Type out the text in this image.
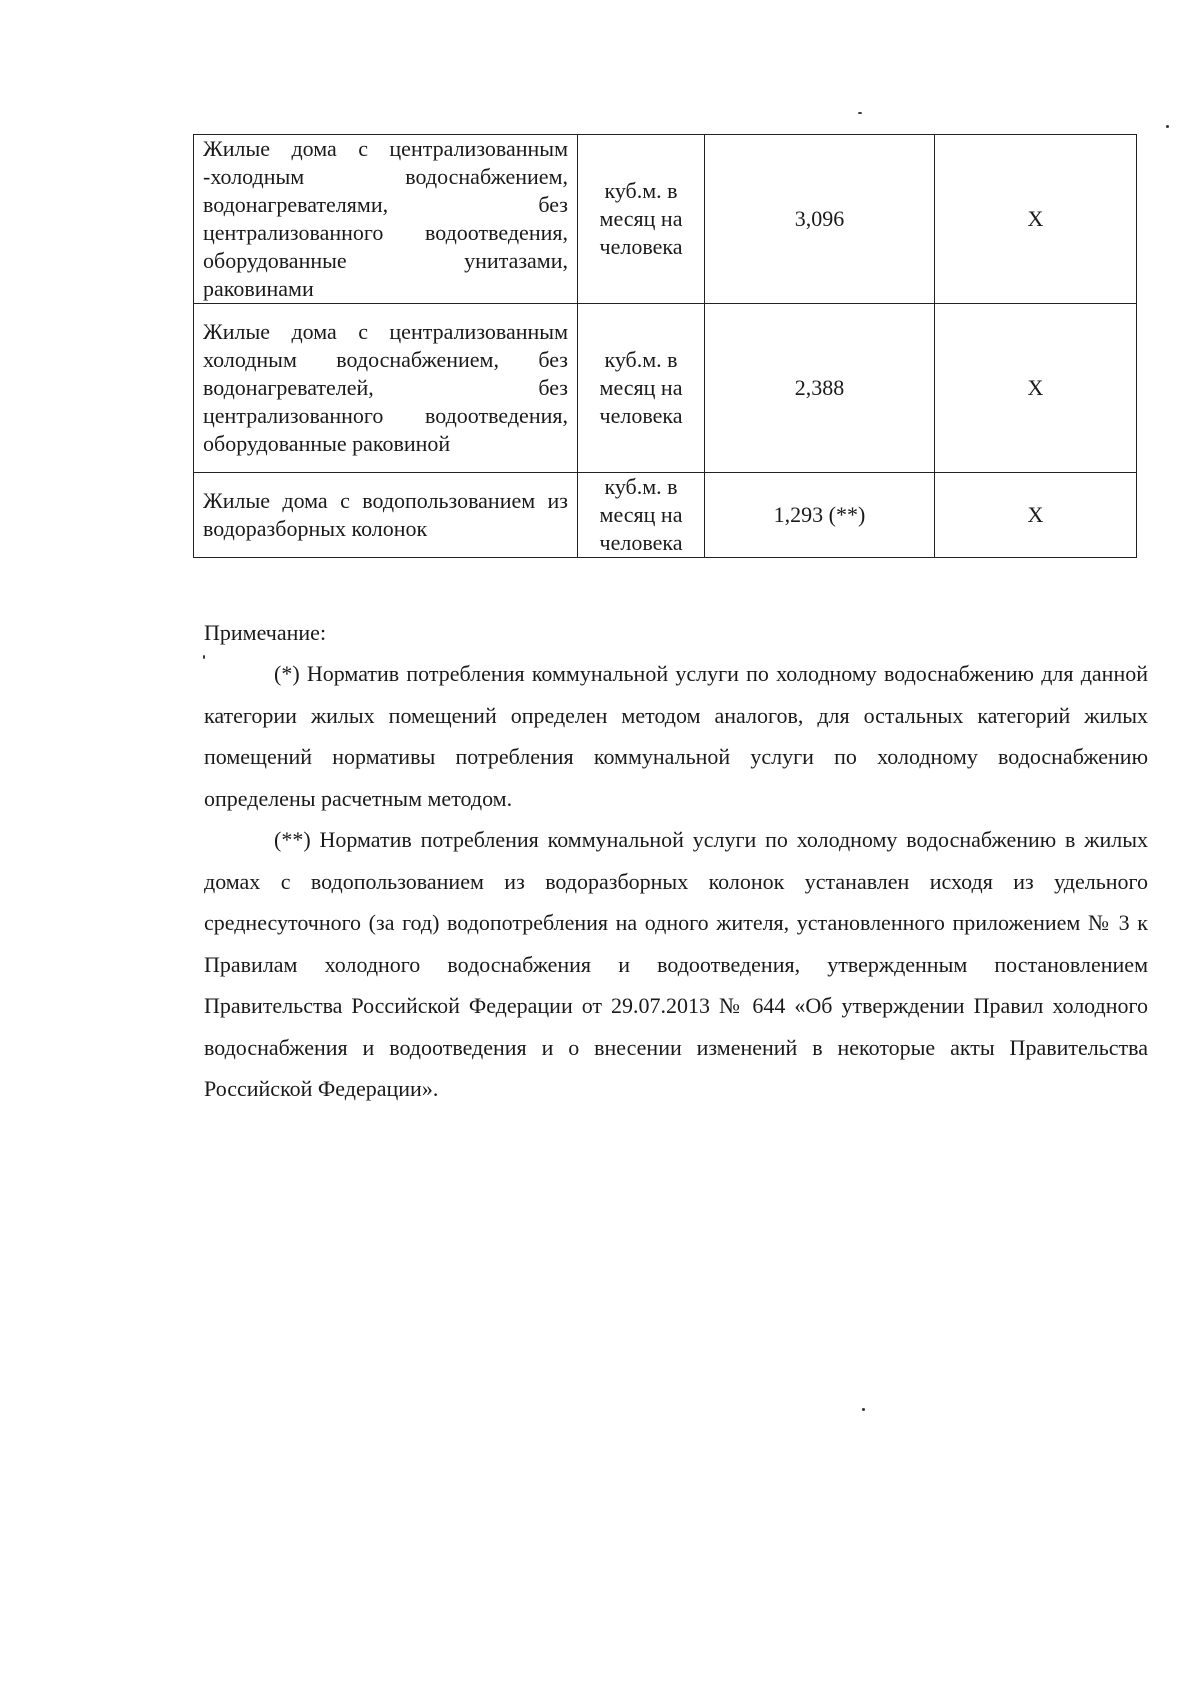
Жилые дома с централизованным -холодным водоснабжением, водонагревателями, без централизованного водоотведения, оборудованные унитазами, раковинами	куб.м. в месяц на человека	3,096	X
Жилые дома с централизованным холодным водоснабжением, без водонагревателей, без централизованного водоотведения, оборудованные раковиной	куб.м. в месяц на человека	2,388	X
Жилые дома с водопользованием из водоразборных колонок	куб.м. в месяц на человека	1,293 (**)	X
Примечание:

(*) Норматив потребления коммунальной услуги по холодному водоснабжению для данной категории жилых помещений определен методом аналогов, для остальных категорий жилых помещений нормативы потребления коммунальной услуги по холодному водоснабжению определены расчетным методом.

(**) Норматив потребления коммунальной услуги по холодному водоснабжению в жилых домах с водопользованием из водоразборных колонок устанавлен исходя из удельного среднесуточного (за год) водопотребления на одного жителя, установленного приложением № 3 к Правилам холодного водоснабжения и водоотведения, утвержденным постановлением Правительства Российской Федерации от 29.07.2013 № 644 «Об утверждении Правил холодного водоснабжения и водоотведения и о внесении изменений в некоторые акты Правительства Российской Федерации».
